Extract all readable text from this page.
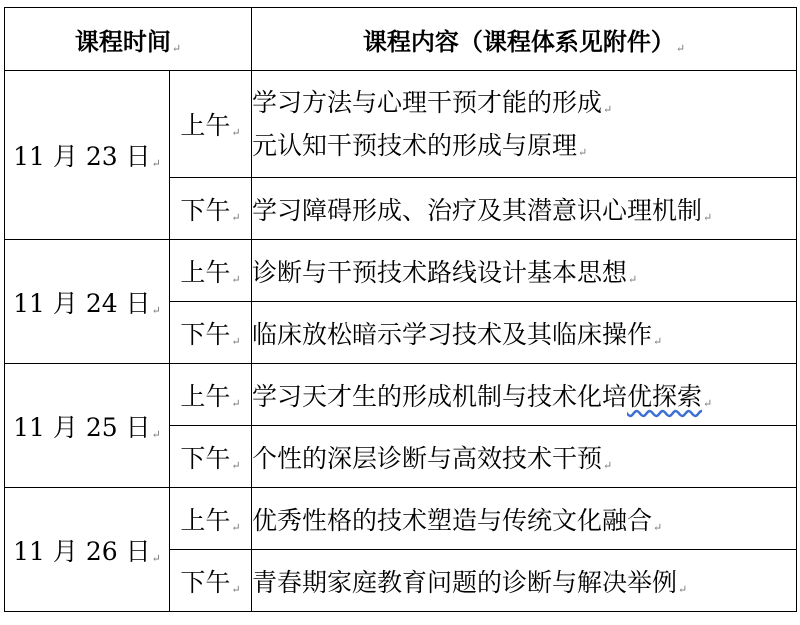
课程时间↵		课程内容（课程体系见附件）↵
11 月 23 日↵	上午↵	学习方法与心理干预才能的形成↵
元认知干预技术的形成与原理↵

	下午↵	学习障碍形成、治疗及其潜意识心理机制↵
11 月 24 日↵	上午↵	诊断与干预技术路线设计基本思想↵
	下午↵	临床放松暗示学习技术及其临床操作↵
11 月 25 日↵	上午↵	学习天才生的形成机制与技术化培优探索↵
	下午↵	个性的深层诊断与高效技术干预↵
11 月 26 日↵	上午↵	优秀性格的技术塑造与传统文化融合↵
	下午↵	青春期家庭教育问题的诊断与解决举例↵
